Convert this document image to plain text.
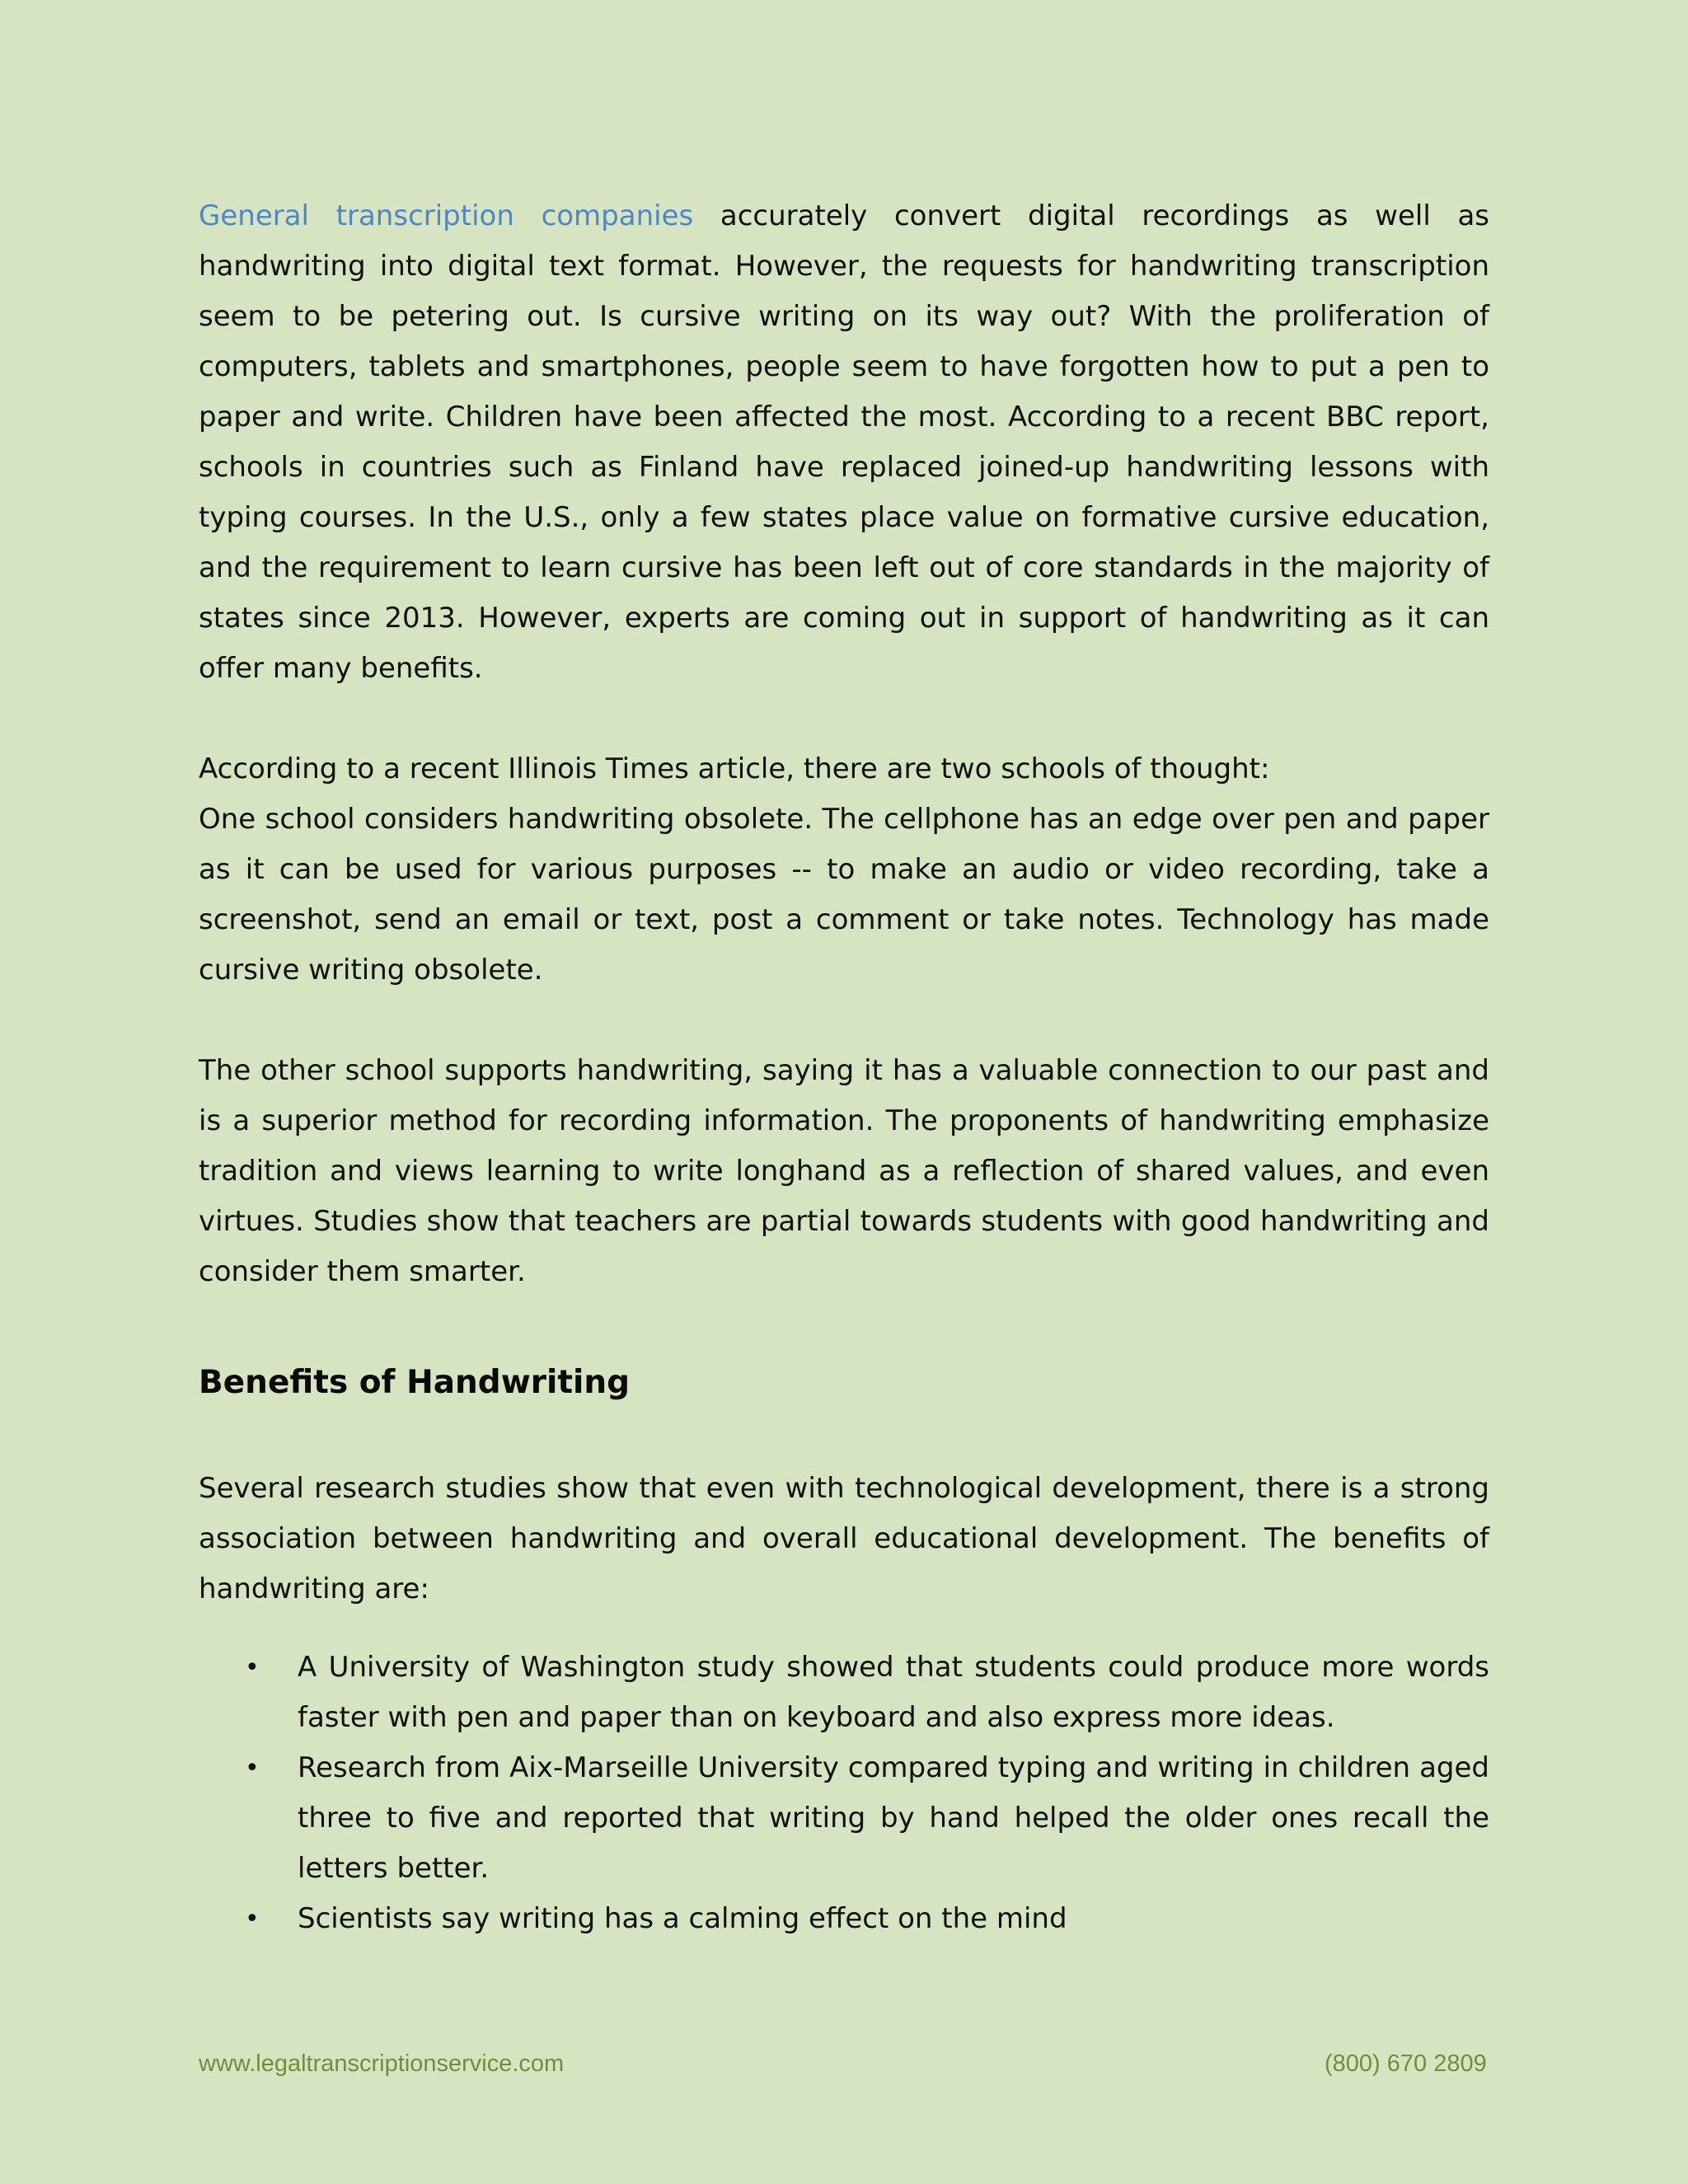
General transcription companies accurately convert digital recordings as well as handwriting into digital text format. However, the requests for handwriting transcription seem to be petering out. Is cursive writing on its way out? With the proliferation of computers, tablets and smartphones, people seem to have forgotten how to put a pen to paper and write. Children have been affected the most. According to a recent BBC report, schools in countries such as Finland have replaced joined-up handwriting lessons with typing courses. In the U.S., only a few states place value on formative cursive education, and the requirement to learn cursive has been left out of core standards in the majority of states since 2013. However, experts are coming out in support of handwriting as it can offer many benefits.

According to a recent Illinois Times article, there are two schools of thought:

One school considers handwriting obsolete. The cellphone has an edge over pen and paper as it can be used for various purposes -- to make an audio or video recording, take a screenshot, send an email or text, post a comment or take notes. Technology has made cursive writing obsolete.

The other school supports handwriting, saying it has a valuable connection to our past and is a superior method for recording information. The proponents of handwriting emphasize tradition and views learning to write longhand as a reflection of shared values, and even virtues. Studies show that teachers are partial towards students with good handwriting and consider them smarter.

Benefits of Handwriting

Several research studies show that even with technological development, there is a strong association between handwriting and overall educational development. The benefits of handwriting are:

• A University of Washington study showed that students could produce more words faster with pen and paper than on keyboard and also express more ideas.
• Research from Aix-Marseille University compared typing and writing in children aged three to five and reported that writing by hand helped the older ones recall the letters better.
• Scientists say writing has a calming effect on the mind
www.legaltranscriptionservice.com	(800) 670 2809
